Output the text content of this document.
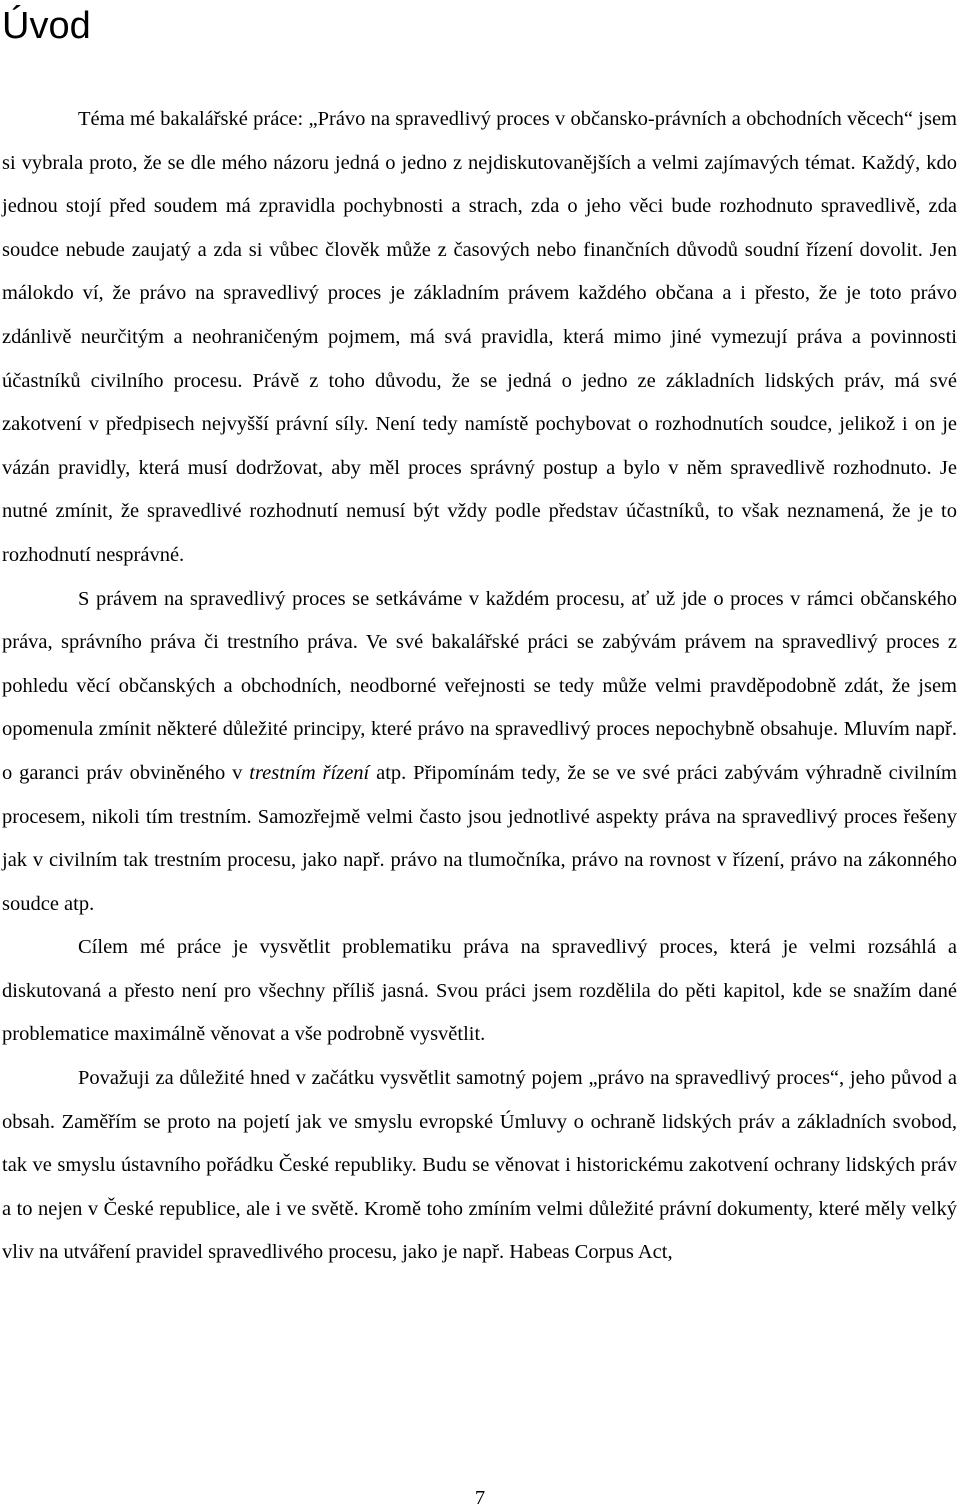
Úvod

Téma mé bakalářské práce: „Právo na spravedlivý proces v občansko-právních a obchodních věcech“ jsem si vybrala proto, že se dle mého názoru jedná o jedno z nejdiskutovanějších a velmi zajímavých témat. Každý, kdo jednou stojí před soudem má zpravidla pochybnosti a strach, zda o jeho věci bude rozhodnuto spravedlivě, zda soudce nebude zaujatý a zda si vůbec člověk může z časových nebo finančních důvodů soudní řízení dovolit. Jen málokdo ví, že právo na spravedlivý proces je základním právem každého občana a i přesto, že je toto právo zdánlivě neurčitým a neohraničeným pojmem, má svá pravidla, která mimo jiné vymezují práva a povinnosti účastníků civilního procesu. Právě z toho důvodu, že se jedná o jedno ze základních lidských práv, má své zakotvení v předpisech nejvyšší právní síly. Není tedy namístě pochybovat o rozhodnutích soudce, jelikož i on je vázán pravidly, která musí dodržovat, aby měl proces správný postup a bylo v něm spravedlivě rozhodnuto. Je nutné zmínit, že spravedlivé rozhodnutí nemusí být vždy podle představ účastníků, to však neznamená, že je to rozhodnutí nesprávné.

S právem na spravedlivý proces se setkáváme v každém procesu, ať už jde o proces v rámci občanského práva, správního práva či trestního práva. Ve své bakalářské práci se zabývám právem na spravedlivý proces z pohledu věcí občanských a obchodních, neodborné veřejnosti se tedy může velmi pravděpodobně zdát, že jsem opomenula zmínit některé důležité principy, které právo na spravedlivý proces nepochybně obsahuje. Mluvím např. o garanci práv obviněného v trestním řízení atp. Připomínám tedy, že se ve své práci zabývám výhradně civilním procesem, nikoli tím trestním. Samozřejmě velmi často jsou jednotlivé aspekty práva na spravedlivý proces řešeny jak v civilním tak trestním procesu, jako např. právo na tlumočníka, právo na rovnost v řízení, právo na zákonného soudce atp.

Cílem mé práce je vysvětlit problematiku práva na spravedlivý proces, která je velmi rozsáhlá a diskutovaná a přesto není pro všechny příliš jasná. Svou práci jsem rozdělila do pěti kapitol, kde se snažím dané problematice maximálně věnovat a vše podrobně vysvětlit.

Považuji za důležité hned v začátku vysvětlit samotný pojem „právo na spravedlivý proces“, jeho původ a obsah. Zaměřím se proto na pojetí jak ve smyslu evropské Úmluvy o ochraně lidských práv a základních svobod, tak ve smyslu ústavního pořádku České republiky. Budu se věnovat i historickému zakotvení ochrany lidských práv a to nejen v České republice, ale i ve světě. Kromě toho zmíním velmi důležité právní dokumenty, které měly velký vliv na utváření pravidel spravedlivého procesu, jako je např. Habeas Corpus Act,

7
